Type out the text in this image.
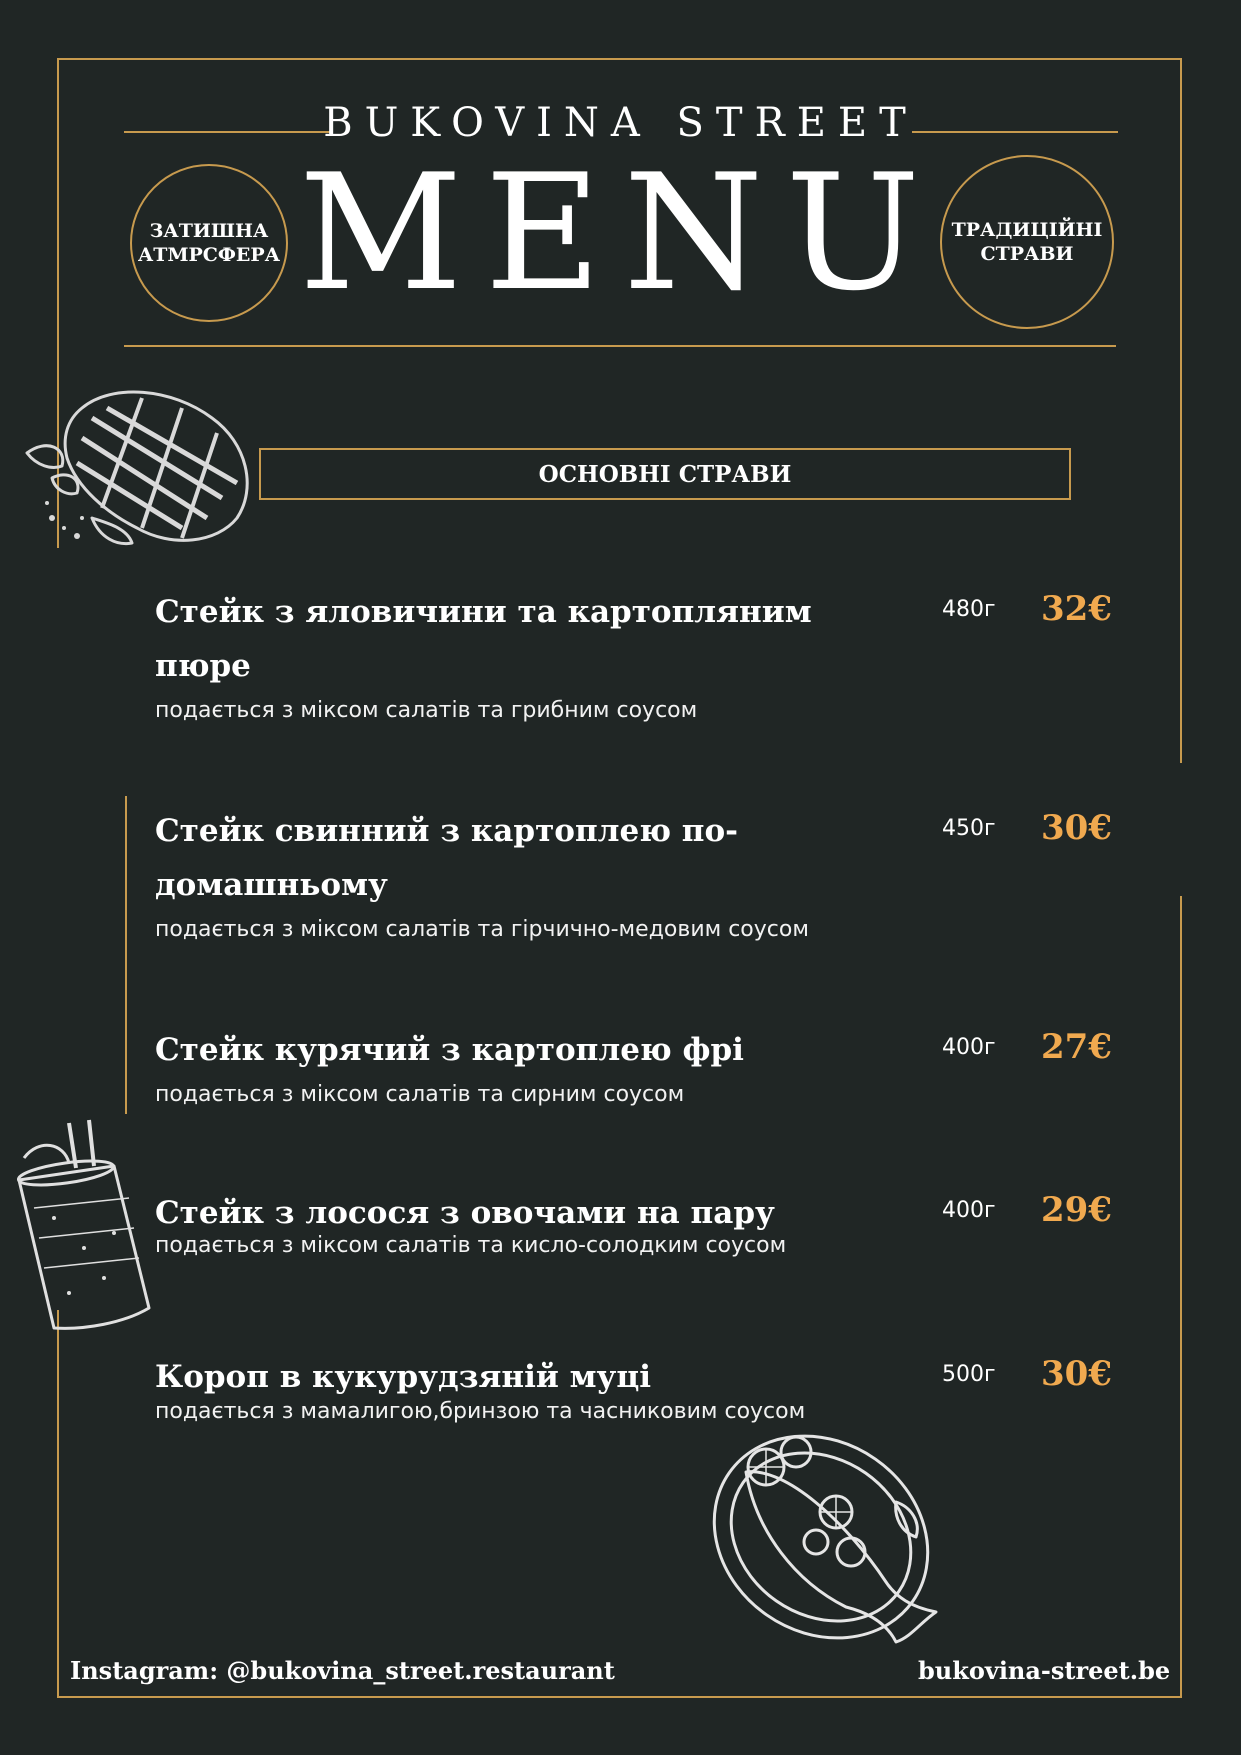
BUKOVINA STREET
MENU
ЗАТИШНА
АТМРСФЕРА
ТРАДИЦІЙНІ
СТРАВИ
ОСНОВНІ СТРАВИ
Стейк з яловичини та картопляним пюре
подається з міксом салатів та грибним соусом
480г 32€
Стейк свинний з картоплею по-домашньому
подається з міксом салатів та гірчично-медовим соусом
450г 30€
Стейк курячий з картоплею фрі
подається з міксом салатів та сирним соусом
400г 27€
Стейк з лосося з овочами на пару
подається з міксом салатів та кисло-солодким соусом
400г 29€
Короп в кукурудзяній муці
подається з мамалигою,бринзою та часниковим соусом
500г 30€
Instagram: @bukovina_street.restaurant	bukovina-street.be
